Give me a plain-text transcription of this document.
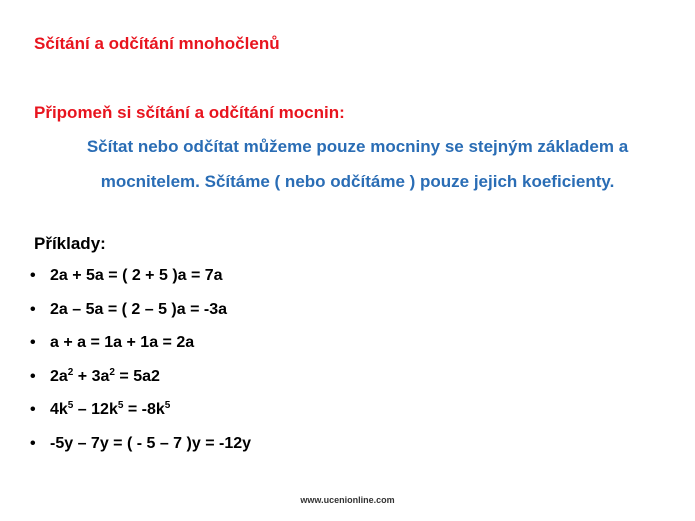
Sčítání a odčítání mnohočlenů
Připomeň si sčítání a odčítání mocnin:
Sčítat nebo odčítat můžeme pouze mocniny se stejným základem a
mocnitelem. Sčítáme ( nebo odčítáme ) pouze jejich koeficienty.
Příklady:
• 2a + 5a = ( 2 + 5 )a = 7a
• 2a – 5a = ( 2 – 5 )a = -3a
• a + a = 1a + 1a = 2a
• $2a^2 + 3a^2 = 5a2$
• $4k^5 - 12k^5 = -8k^5$
• -5y – 7y = ( - 5 – 7 )y = -12y
www.ucenionline.com
